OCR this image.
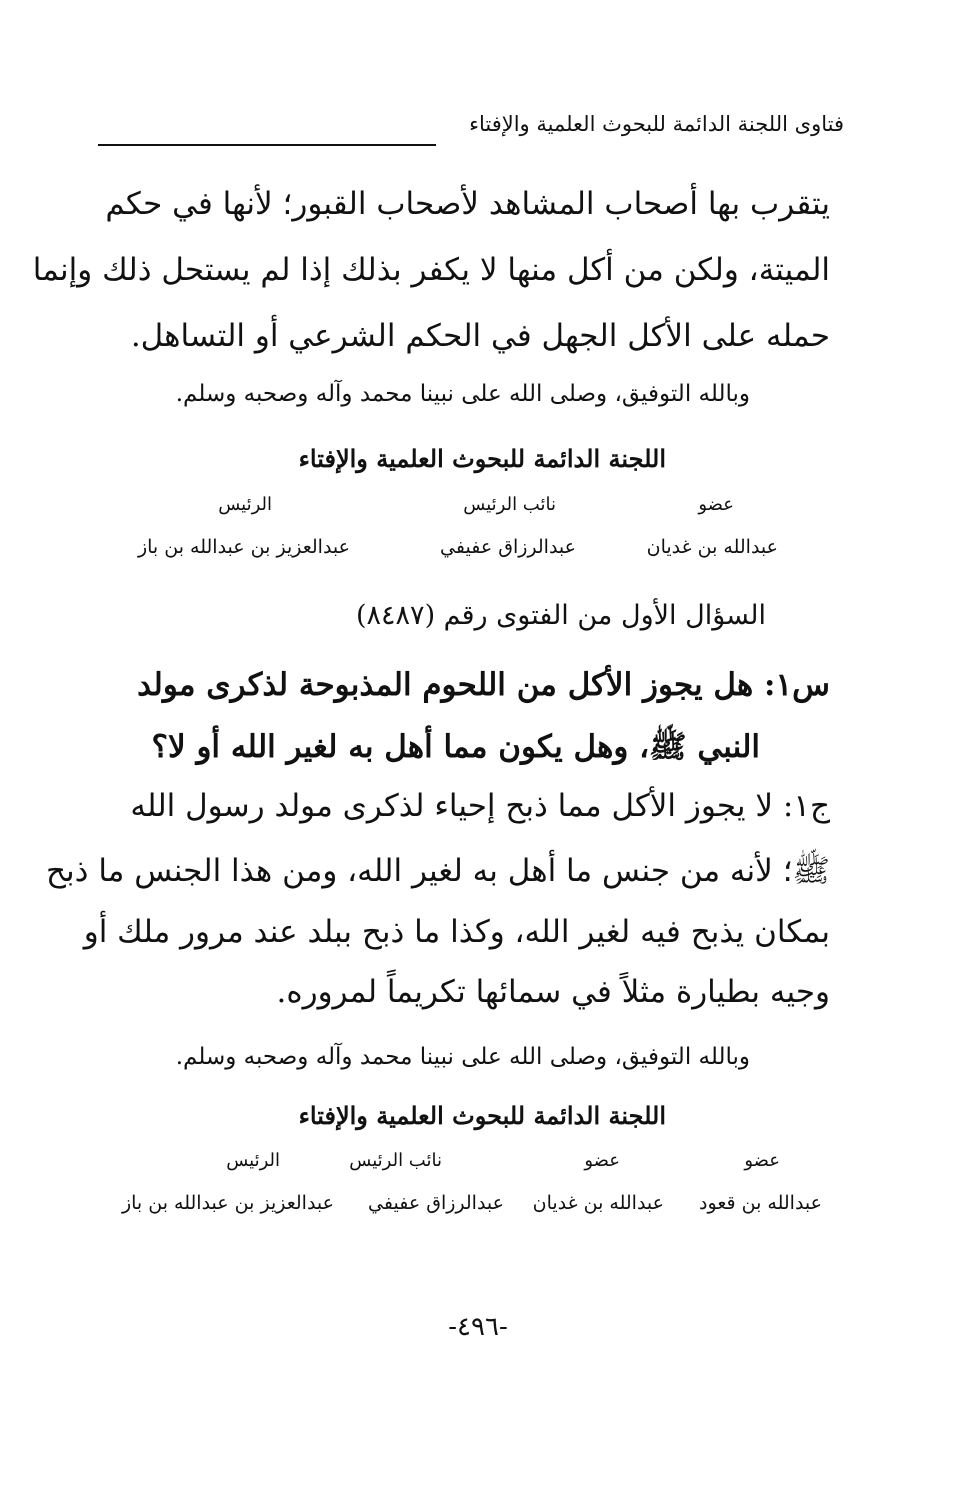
فتاوى اللجنة الدائمة للبحوث العلمية والإفتاء
يتقرب بها أصحاب المشاهد لأصحاب القبور؛ لأنها في حكم
الميتة، ولكن من أكل منها لا يكفر بذلك إذا لم يستحل ذلك وإنما
حمله على الأكل الجهل في الحكم الشرعي أو التساهل.
وبالله التوفيق، وصلى الله على نبينا محمد وآله وصحبه وسلم.
اللجنة الدائمة للبحوث العلمية والإفتاء
عضو
نائب الرئيس
الرئيس
عبدالله بن غديان
عبدالرزاق عفيفي
عبدالعزيز بن عبدالله بن باز
السؤال الأول من الفتوى رقم (٨٤٨٧)
س١: هل يجوز الأكل من اللحوم المذبوحة لذكرى مولد
النبي ﷺ، وهل يكون مما أهل به لغير الله أو لا؟
ج١: لا يجوز الأكل مما ذبح إحياء لذكرى مولد رسول الله
ﷺ؛ لأنه من جنس ما أهل به لغير الله، ومن هذا الجنس ما ذبح
بمكان يذبح فيه لغير الله، وكذا ما ذبح ببلد عند مرور ملك أو
وجيه بطيارة مثلاً في سمائها تكريماً لمروره.
وبالله التوفيق، وصلى الله على نبينا محمد وآله وصحبه وسلم.
اللجنة الدائمة للبحوث العلمية والإفتاء
عضو
عضو
نائب الرئيس
الرئيس
عبدالله بن قعود
عبدالله بن غديان
عبدالرزاق عفيفي
عبدالعزيز بن عبدالله بن باز
-٤٩٦-
